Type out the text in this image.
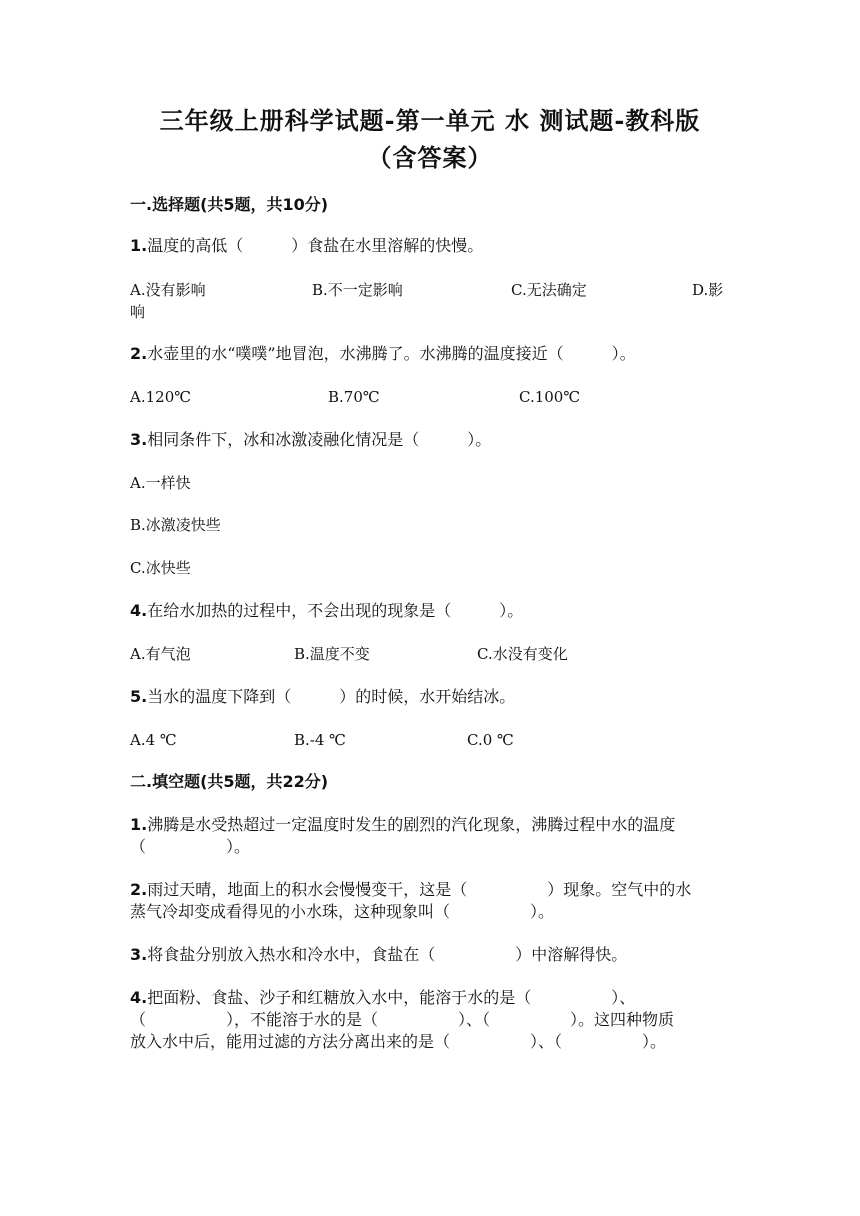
三年级上册科学试题-第一单元 水 测试题-教科版
（含答案）
一.选择题(共5题，共10分)
1.温度的高低（　　　）食盐在水里溶解的快慢。
A.没有影响	B.不一定影响	C.无法确定	D.影
响
2.水壶里的水“噗噗”地冒泡，水沸腾了。水沸腾的温度接近（　　　）。
A.120℃	B.70℃	C.100℃
3.相同条件下，冰和冰激凌融化情况是（　　　）。
A.一样快
B.冰激凌快些
C.冰快些
4.在给水加热的过程中，不会出现的现象是（　　　）。
A.有气泡	B.温度不变	C.水没有变化
5.当水的温度下降到（　　　）的时候，水开始结冰。
A.4 ℃	B.-4 ℃	C.0 ℃
二.填空题(共5题，共22分)
1.沸腾是水受热超过一定温度时发生的剧烈的汽化现象，沸腾过程中水的温度
（　　　　　）。
2.雨过天晴，地面上的积水会慢慢变干，这是（　　　　　）现象。空气中的水
蒸气冷却变成看得见的小水珠，这种现象叫（　　　　　）。
3.将食盐分别放入热水和冷水中，食盐在（　　　　　）中溶解得快。
4.把面粉、食盐、沙子和红糖放入水中，能溶于水的是（　　　　　）、
（　　　　　），不能溶于水的是（　　　　　）、（　　　　　）。这四种物质
放入水中后，能用过滤的方法分离出来的是（　　　　　）、（　　　　　）。
